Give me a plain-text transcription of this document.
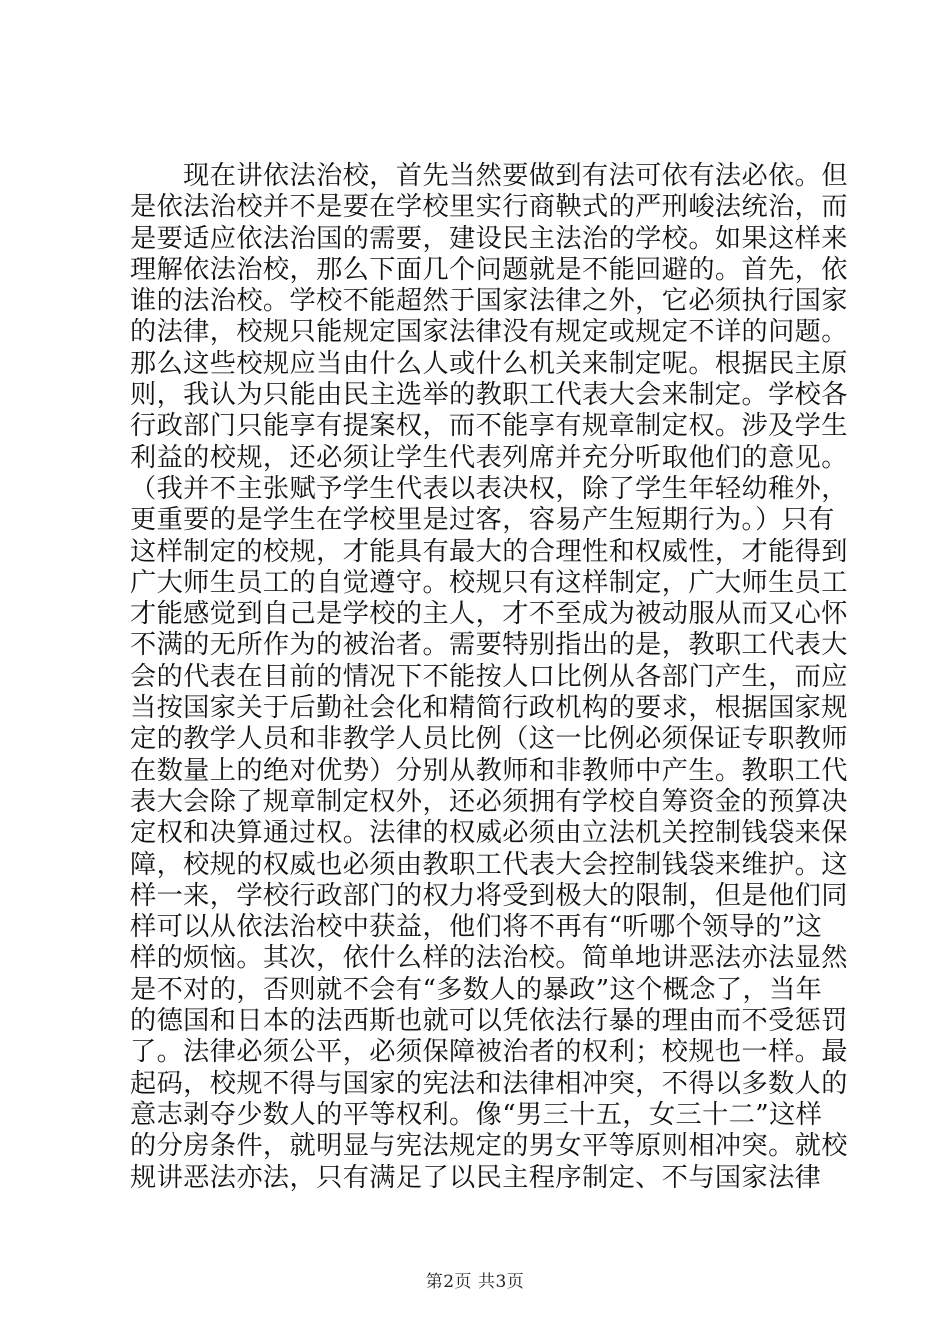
　　现在讲依法治校，首先当然要做到有法可依有法必依。但
是依法治校并不是要在学校里实行商鞅式的严刑峻法统治，而
是要适应依法治国的需要，建设民主法治的学校。如果这样来
理解依法治校，那么下面几个问题就是不能回避的。首先，依
谁的法治校。学校不能超然于国家法律之外，它必须执行国家
的法律，校规只能规定国家法律没有规定或规定不详的问题。
那么这些校规应当由什么人或什么机关来制定呢。根据民主原
则，我认为只能由民主选举的教职工代表大会来制定。学校各
行政部门只能享有提案权，而不能享有规章制定权。涉及学生
利益的校规，还必须让学生代表列席并充分听取他们的意见。
（我并不主张赋予学生代表以表决权，除了学生年轻幼稚外，
更重要的是学生在学校里是过客，容易产生短期行为。）只有
这样制定的校规，才能具有最大的合理性和权威性，才能得到
广大师生员工的自觉遵守。校规只有这样制定，广大师生员工
才能感觉到自己是学校的主人，才不至成为被动服从而又心怀
不满的无所作为的被治者。需要特别指出的是，教职工代表大
会的代表在目前的情况下不能按人口比例从各部门产生，而应
当按国家关于后勤社会化和精简行政机构的要求，根据国家规
定的教学人员和非教学人员比例（这一比例必须保证专职教师
在数量上的绝对优势）分别从教师和非教师中产生。教职工代
表大会除了规章制定权外，还必须拥有学校自筹资金的预算决
定权和决算通过权。法律的权威必须由立法机关控制钱袋来保
障，校规的权威也必须由教职工代表大会控制钱袋来维护。这
样一来，学校行政部门的权力将受到极大的限制，但是他们同
样可以从依法治校中获益，他们将不再有“听哪个领导的”这
样的烦恼。其次，依什么样的法治校。简单地讲恶法亦法显然
是不对的，否则就不会有“多数人的暴政”这个概念了，当年
的德国和日本的法西斯也就可以凭依法行暴的理由而不受惩罚
了。法律必须公平，必须保障被治者的权利；校规也一样。最
起码，校规不得与国家的宪法和法律相冲突，不得以多数人的
意志剥夺少数人的平等权利。像“男三十五，女三十二”这样
的分房条件，就明显与宪法规定的男女平等原则相冲突。就校
规讲恶法亦法，只有满足了以民主程序制定、不与国家法律
第2页 共3页
